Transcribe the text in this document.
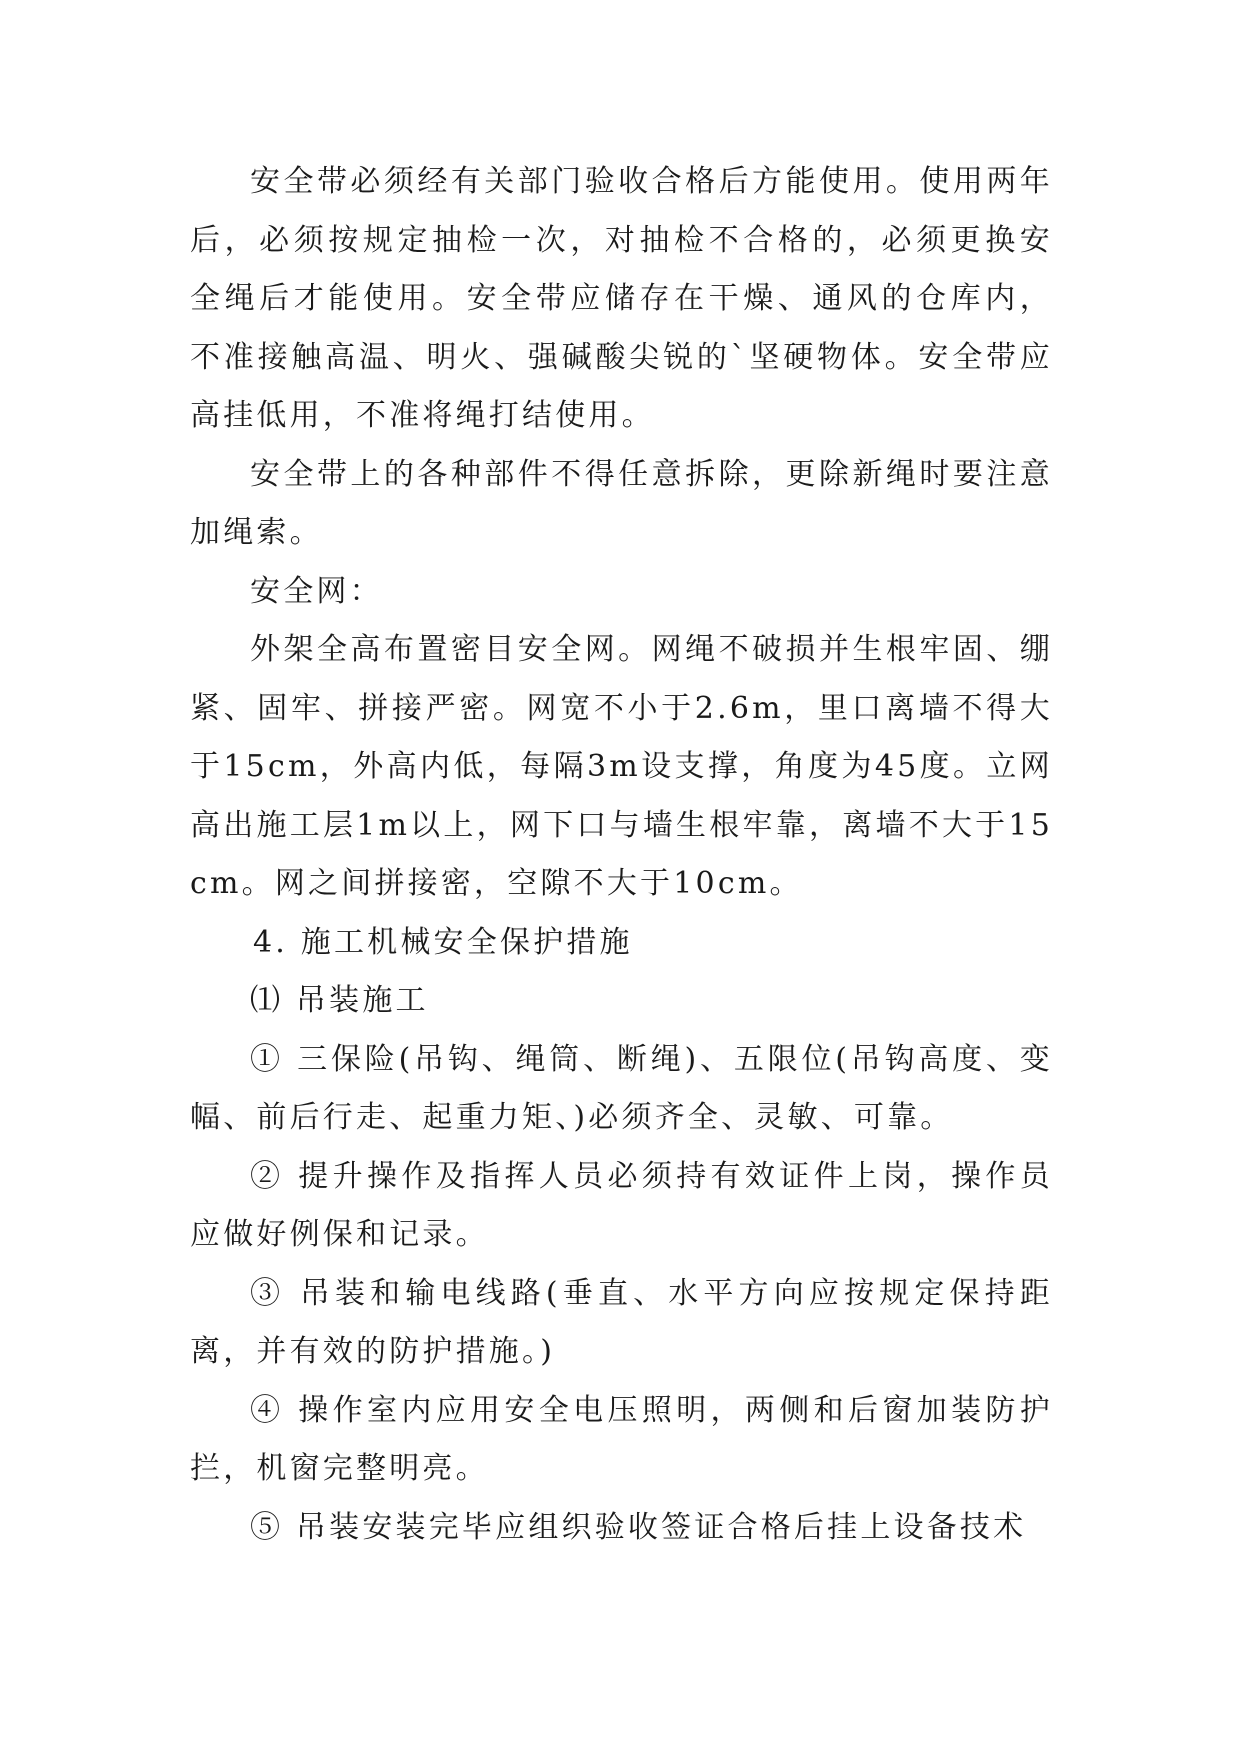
安全带必须经有关部门验收合格后方能使用。使用两年后，必须按规定抽检一次，对抽检不合格的，必须更换安全绳后才能使用。安全带应储存在干燥、通风的仓库内，不准接触高温、明火、强碱酸尖锐的`坚硬物体。安全带应高挂低用，不准将绳打结使用。

安全带上的各种部件不得任意拆除，更除新绳时要注意加绳索。

安全网：

外架全高布置密目安全网。网绳不破损并生根牢固、绷紧、固牢、拼接严密。网宽不小于2.6m，里口离墙不得大于15cm，外高内低，每隔3m设支撑，角度为45度。立网高出施工层1m以上，网下口与墙生根牢靠，离墙不大于15cm。网之间拼接密，空隙不大于10cm。

4. 施工机械安全保护措施

⑴ 吊装施工

① 三保险(吊钩、绳筒、断绳)、五限位(吊钩高度、变幅、前后行走、起重力矩、)必须齐全、灵敏、可靠。

② 提升操作及指挥人员必须持有效证件上岗，操作员应做好例保和记录。

③ 吊装和输电线路(垂直、水平方向应按规定保持距离，并有效的防护措施。)

④ 操作室内应用安全电压照明，两侧和后窗加装防护拦，机窗完整明亮。

⑤ 吊装安装完毕应组织验收签证合格后挂上设备技术
